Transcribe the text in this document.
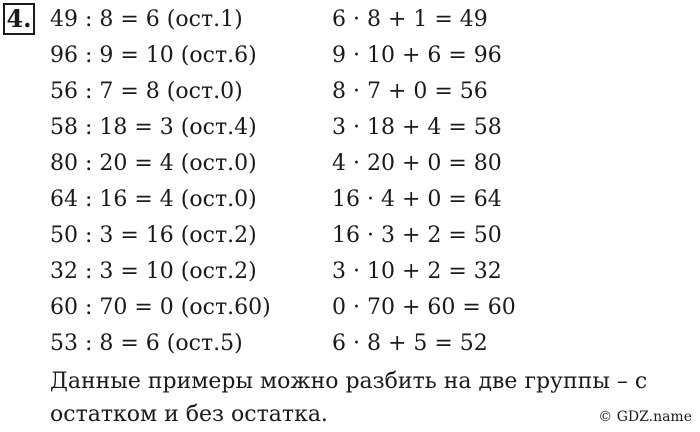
4. 49 : 8 = 6 (ост.1)	6 · 8 + 1 = 49
96 : 9 = 10 (ост.6)	9 · 10 + 6 = 96
56 : 7 = 8 (ост.0)	8 · 7 + 0 = 56
58 : 18 = 3 (ост.4)	3 · 18 + 4 = 58
80 : 20 = 4 (ост.0)	4 · 20 + 0 = 80
64 : 16 = 4 (ост.0)	16 · 4 + 0 = 64
50 : 3 = 16 (ост.2)	16 · 3 + 2 = 50
32 : 3 = 10 (ост.2)	3 · 10 + 2 = 32
60 : 70 = 0 (ост.60)	0 · 70 + 60 = 60
53 : 8 = 6 (ост.5)	6 · 8 + 5 = 52
Данные примеры можно разбить на две группы – с
остатком и без остатка.	© GDZ.name
